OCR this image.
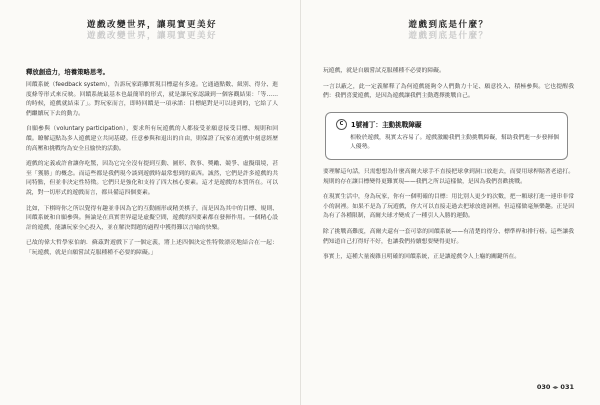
遊戲改變世界，讓現實更美好
遊戲改變世界，讓現實更美好
釋放創造力，培養策略思考。

回饋系統（feedback system），告訴玩家距離實現目標還有多遠。它通過點數、級別、得分、進度條等形式來反映。回饋系統最基本也最簡單的形式，就是讓玩家認識到一個客觀結果：「等……的時候，遊戲就結束了」。對玩家而言，即時回饋是一項承諾：目標絕對是可以達到的，它給了人們繼續玩下去的動力。

自願參與（voluntary participation），要求所有玩遊戲的人都接受並願意接受目標、規則和回饋。瞭解這點為多人遊戲建立共同基礎。任意參與和退出的自由，則保證了玩家在遊戲中刻意經歷的高壓和挑戰均為安全且愉快的活動。

遊戲的定義或許會讓你吃驚，因為它完全沒有提到互動、圖形、敘事、獎勵、競爭、虛擬環境，甚至「獲勝」的概念。而這些都是我們現今談到遊戲時最常想到的東西。誠然，它們是許多遊戲的共同特點，但並非決定性特徵。它們只是強化和支持了四大核心要素。這才是遊戲的本質所在。可以說，對一切形式的遊戲而言，都具備這四個要素。

比如，下棋時你之所以覺得有趣並非因為它的互動圖形或精美棋子，而是因為其中的目標、規則、回饋系統和自願參與。無論是在真實世界還是虛擬空間，遊戲的四要素都在發揮作用。一個精心設計的遊戲，能讓玩家全心投入，並在解決問題的過程中獲得難以言喻的快樂。

已故的偉大哲學家伯納．蘇茲對遊戲下了一個定義，將上述四個決定性特徵漂亮地結合在一起：「玩遊戲，就是自願嘗試克服種種不必要的障礙。」

遊戲到底是什麼？
遊戲到底是什麼？

玩遊戲，就是自願嘗試克服種種不必要的障礙。

一言以蔽之，此一定義解釋了為何遊戲能夠令人們動力十足、願意投入、積極參與。它也提醒我們：我們喜愛遊戲，是因為遊戲讓我們主動選擇挑戰自己。

C	1號補丁：主動挑戰障礙

相較於遊戲，現實太容易了。遊戲激勵我們主動挑戰障礙，幫助我們進一步發揮個人優勢。

要理解這句話，只需想想為什麼高爾夫球手不直接把球拿到洞口放進去，而要用球桿隔著老遠打。規則的存在讓目標變得更難實現——我們之所以這樣做，是因為我們喜歡挑戰。

在現實生活中，身為玩家，你有一個明確的目標：用比別人更少的次數，把一顆球打進一連串非常小的洞裡。如果不是為了玩遊戲，你大可以直接走過去把球放進洞裡。但這樣做毫無樂趣。正是因為有了各種限制，高爾夫球才變成了一種引人入勝的運動。

除了挑戰高難度，高爾夫還有一套可靠的回饋系統——有清楚的得分、標準桿和排行榜。這些讓我們知道自己打得好不好，也讓我們持續想要變得更好。

事實上，這種大量複雜且明確的回饋系統，正是讓遊戲令人上癮的關鍵所在。

030 ◂▸ 031
